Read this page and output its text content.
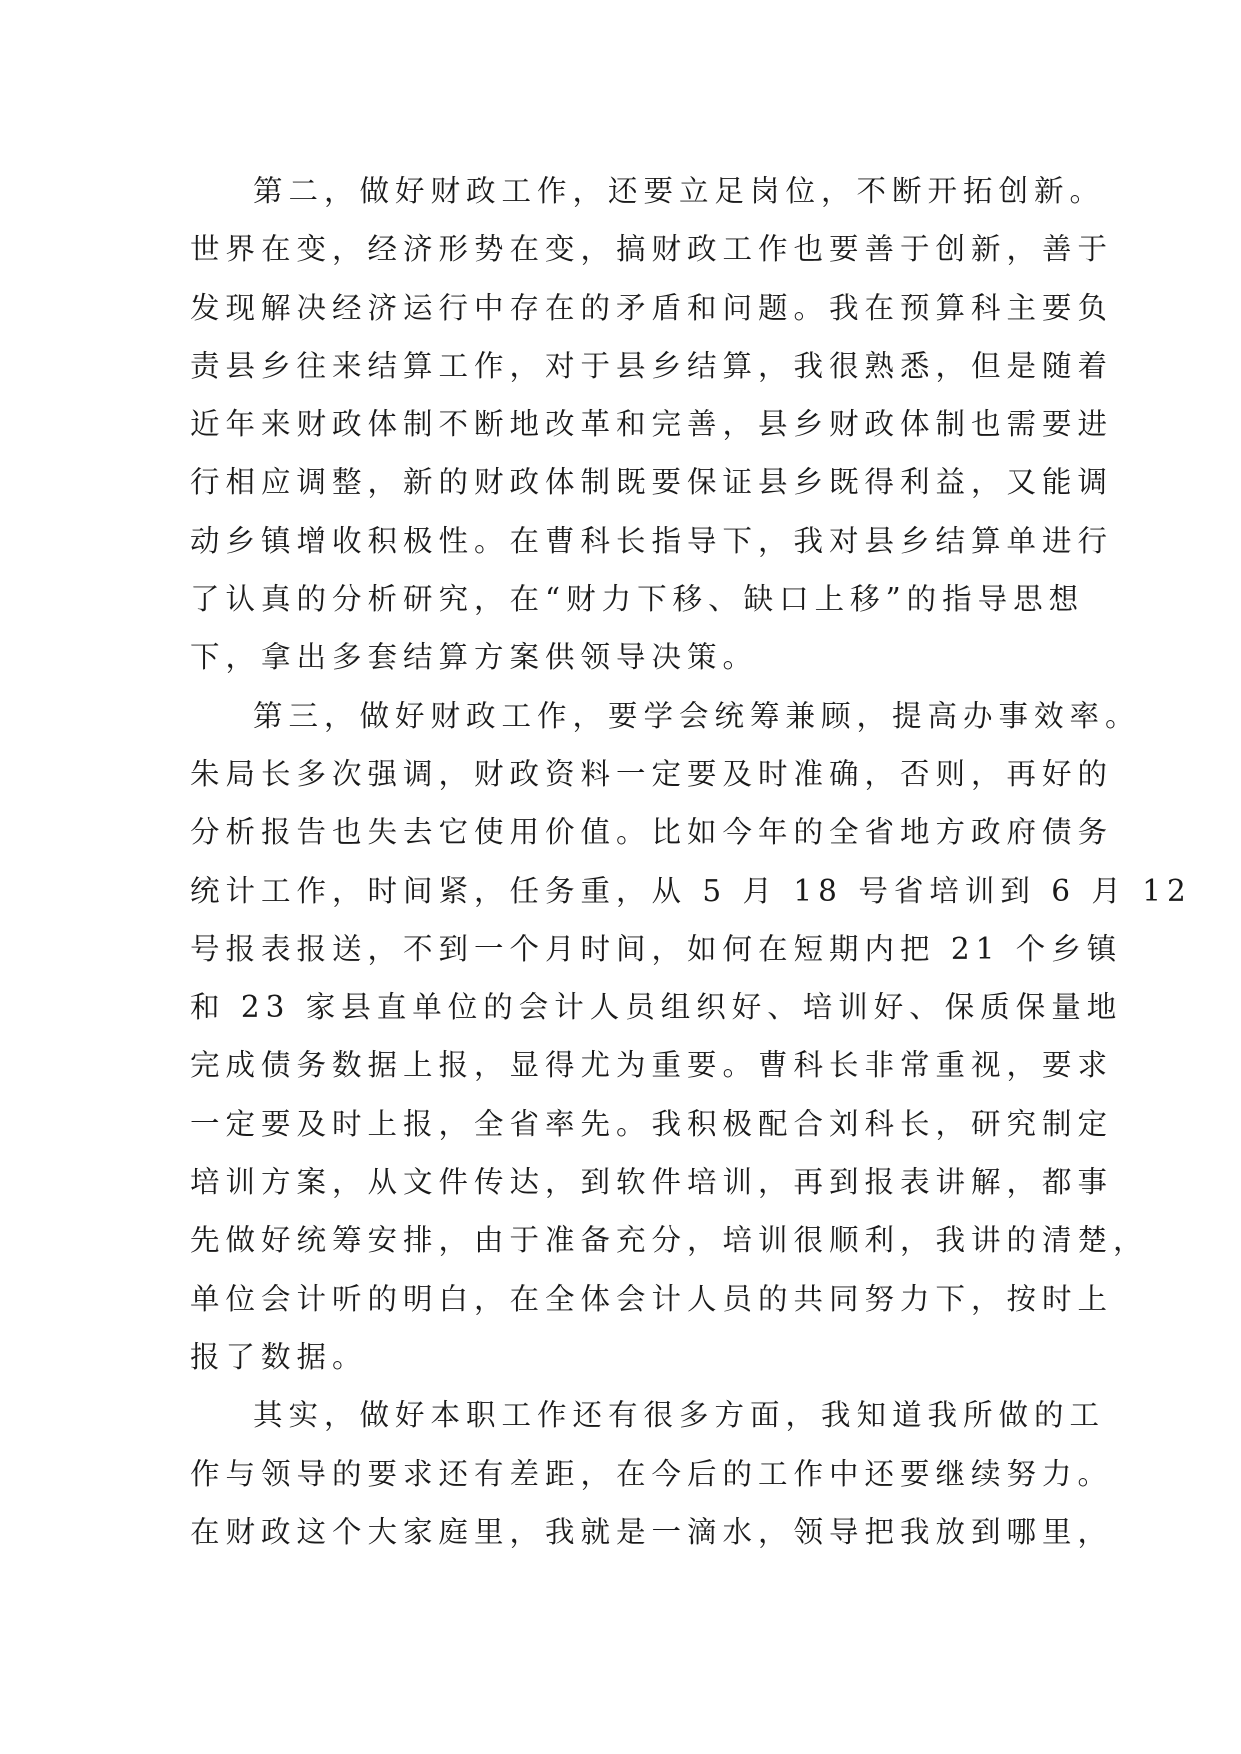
第二，做好财政工作，还要立足岗位，不断开拓创新。
世界在变，经济形势在变，搞财政工作也要善于创新，善于
发现解决经济运行中存在的矛盾和问题。我在预算科主要负
责县乡往来结算工作，对于县乡结算，我很熟悉，但是随着
近年来财政体制不断地改革和完善，县乡财政体制也需要进
行相应调整，新的财政体制既要保证县乡既得利益，又能调
动乡镇增收积极性。在曹科长指导下，我对县乡结算单进行
了认真的分析研究，在“财力下移、缺口上移”的指导思想
下，拿出多套结算方案供领导决策。
第三，做好财政工作，要学会统筹兼顾，提高办事效率。
朱局长多次强调，财政资料一定要及时准确，否则，再好的
分析报告也失去它使用价值。比如今年的全省地方政府债务
统计工作，时间紧，任务重，从 5 月 18 号省培训到 6 月 12
号报表报送，不到一个月时间，如何在短期内把 21 个乡镇
和 23 家县直单位的会计人员组织好、培训好、保质保量地
完成债务数据上报，显得尤为重要。曹科长非常重视，要求
一定要及时上报，全省率先。我积极配合刘科长，研究制定
培训方案，从文件传达，到软件培训，再到报表讲解，都事
先做好统筹安排，由于准备充分，培训很顺利，我讲的清楚，
单位会计听的明白，在全体会计人员的共同努力下，按时上
报了数据。
其实，做好本职工作还有很多方面，我知道我所做的工
作与领导的要求还有差距，在今后的工作中还要继续努力。
在财政这个大家庭里，我就是一滴水，领导把我放到哪里，
